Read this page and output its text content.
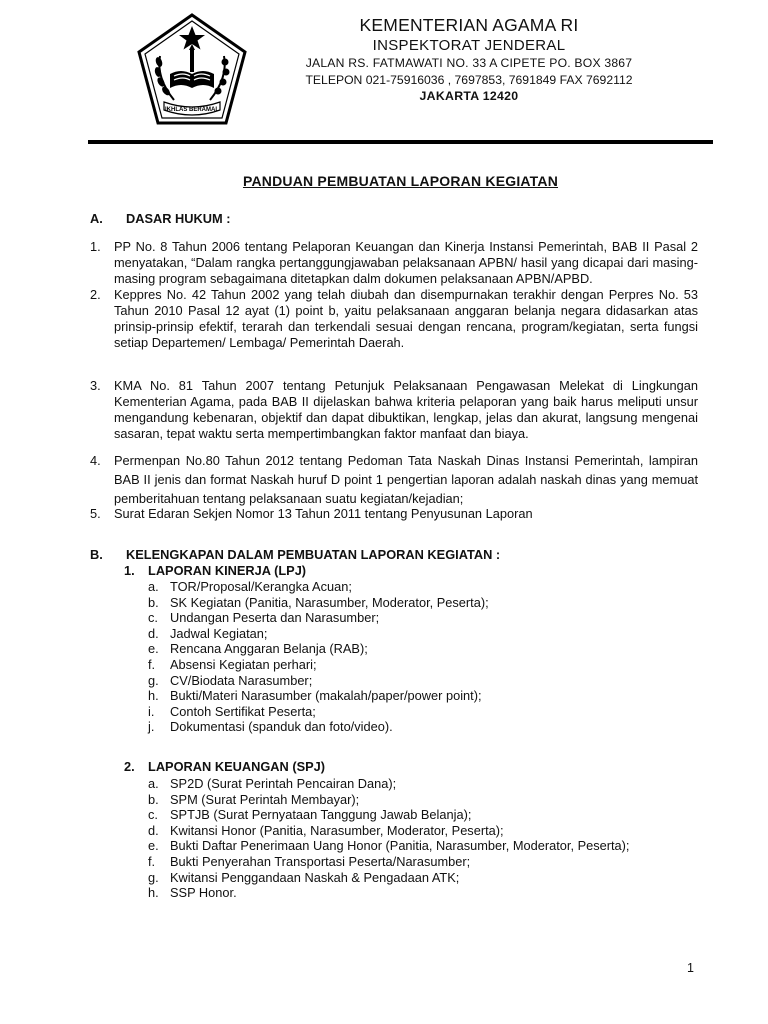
IKHLAS BERAMAL
KEMENTERIAN AGAMA RI
INSPEKTORAT JENDERAL
JALAN RS. FATMAWATI NO. 33 A CIPETE PO. BOX 3867
TELEPON 021-75916036 , 7697853, 7691849 FAX 7692112
JAKARTA 12420
PANDUAN PEMBUATAN LAPORAN KEGIATAN
A. DASAR HUKUM :
1. PP No. 8 Tahun 2006 tentang Pelaporan Keuangan dan Kinerja Instansi Pemerintah, BAB II Pasal 2 menyatakan, “Dalam rangka pertanggungjawaban pelaksanaan APBN/ hasil yang dicapai dari masing-masing program sebagaimana ditetapkan dalm dokumen pelaksanaan APBN/APBD.
2. Keppres No. 42 Tahun 2002 yang telah diubah dan disempurnakan terakhir dengan Perpres No. 53 Tahun 2010 Pasal 12 ayat (1) point b, yaitu pelaksanaan anggaran belanja negara didasarkan atas prinsip-prinsip efektif, terarah dan terkendali sesuai dengan rencana, program/kegiatan, serta fungsi setiap Departemen/ Lembaga/ Pemerintah Daerah.
3. KMA No. 81 Tahun 2007 tentang Petunjuk Pelaksanaan Pengawasan Melekat di Lingkungan Kementerian Agama, pada BAB II dijelaskan bahwa kriteria pelaporan yang baik harus meliputi unsur mengandung kebenaran, objektif dan dapat dibuktikan, lengkap, jelas dan akurat, langsung mengenai sasaran, tepat waktu serta mempertimbangkan faktor manfaat dan biaya.
4. Permenpan No.80 Tahun 2012 tentang Pedoman Tata Naskah Dinas Instansi Pemerintah, lampiran BAB II jenis dan format Naskah huruf D point 1 pengertian laporan adalah naskah dinas yang memuat pemberitahuan tentang pelaksanaan suatu kegiatan/kejadian;
5. Surat Edaran Sekjen Nomor 13 Tahun 2011 tentang Penyusunan Laporan
B. KELENGKAPAN DALAM PEMBUATAN LAPORAN KEGIATAN :
1. LAPORAN KINERJA (LPJ)
a. TOR/Proposal/Kerangka Acuan;
b. SK Kegiatan (Panitia, Narasumber, Moderator, Peserta);
c. Undangan Peserta dan Narasumber;
d. Jadwal Kegiatan;
e. Rencana Anggaran Belanja (RAB);
f. Absensi Kegiatan perhari;
g. CV/Biodata Narasumber;
h. Bukti/Materi Narasumber (makalah/paper/power point);
i. Contoh Sertifikat Peserta;
j. Dokumentasi (spanduk dan foto/video).
2. LAPORAN KEUANGAN (SPJ)
a. SP2D (Surat Perintah Pencairan Dana);
b. SPM (Surat Perintah Membayar);
c. SPTJB (Surat Pernyataan Tanggung Jawab Belanja);
d. Kwitansi Honor (Panitia, Narasumber, Moderator, Peserta);
e. Bukti Daftar Penerimaan Uang Honor (Panitia, Narasumber, Moderator, Peserta);
f. Bukti Penyerahan Transportasi Peserta/Narasumber;
g. Kwitansi Penggandaan Naskah & Pengadaan ATK;
h. SSP Honor.
1
